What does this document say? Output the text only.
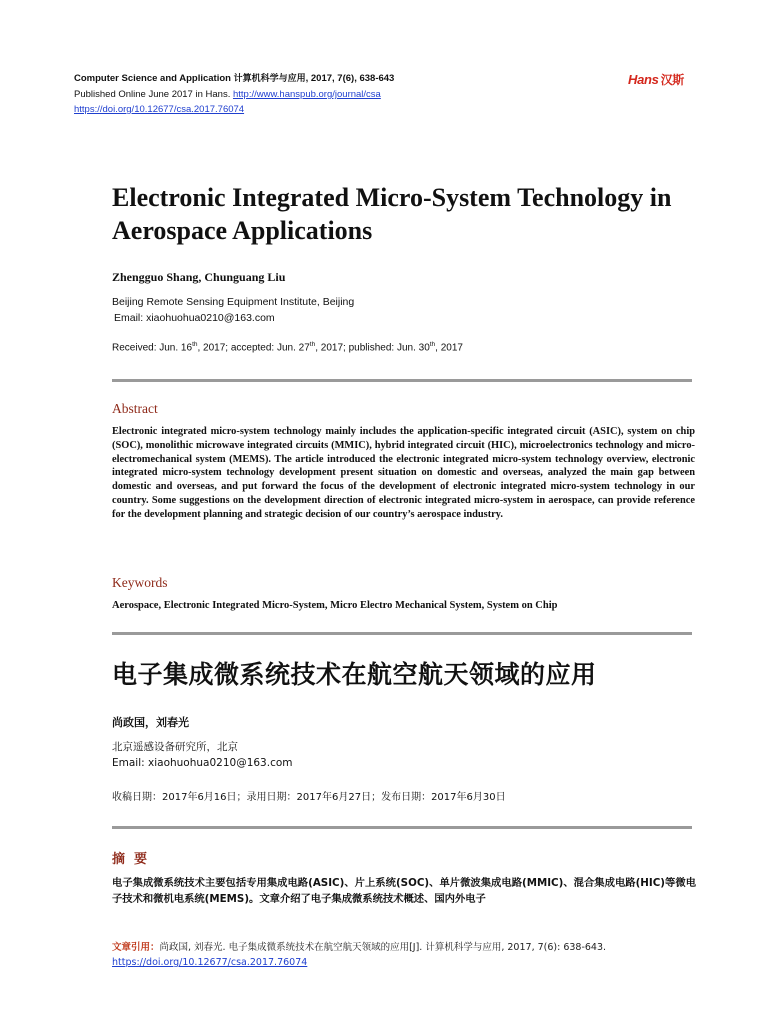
Computer Science and Application 计算机科学与应用, 2017, 7(6), 638-643
Published Online June 2017 in Hans. http://www.hanspub.org/journal/csa
https://doi.org/10.12677/csa.2017.76074
Hans 汉斯
Electronic Integrated Micro-System Technology in Aerospace Applications
Zhengguo Shang, Chunguang Liu
Beijing Remote Sensing Equipment Institute, Beijing
Email: xiaohuohua0210@163.com
Received: Jun. 16th, 2017; accepted: Jun. 27th, 2017; published: Jun. 30th, 2017
Abstract
Electronic integrated micro-system technology mainly includes the application-specific integrated circuit (ASIC), system on chip (SOC), monolithic microwave integrated circuits (MMIC), hybrid integrated circuit (HIC), microelectronics technology and micro-electromechanical system (MEMS). The article introduced the electronic integrated micro-system technology overview, electronic integrated micro-system technology development present situation on domestic and overseas, analyzed the main gap between domestic and overseas, and put forward the focus of the development of electronic integrated micro-system technology in our country. Some suggestions on the development direction of electronic integrated micro-system in aerospace, can provide reference for the development planning and strategic decision of our country’s aerospace industry.
Keywords
Aerospace, Electronic Integrated Micro-System, Micro Electro Mechanical System, System on Chip
电子集成微系统技术在航空航天领域的应用
尚政国，刘春光
北京遥感设备研究所，北京
Email: xiaohuohua0210@163.com
收稿日期：2017年6月16日；录用日期：2017年6月27日；发布日期：2017年6月30日
摘要
电子集成微系统技术主要包括专用集成电路(ASIC)、片上系统(SOC)、单片微波集成电路(MMIC)、混合集成电路(HIC)等微电子技术和微机电系统(MEMS)。文章介绍了电子集成微系统技术概述、国内外电子
文章引用：尚政国, 刘春光. 电子集成微系统技术在航空航天领域的应用[J]. 计算机科学与应用, 2017, 7(6): 638-643.
https://doi.org/10.12677/csa.2017.76074
